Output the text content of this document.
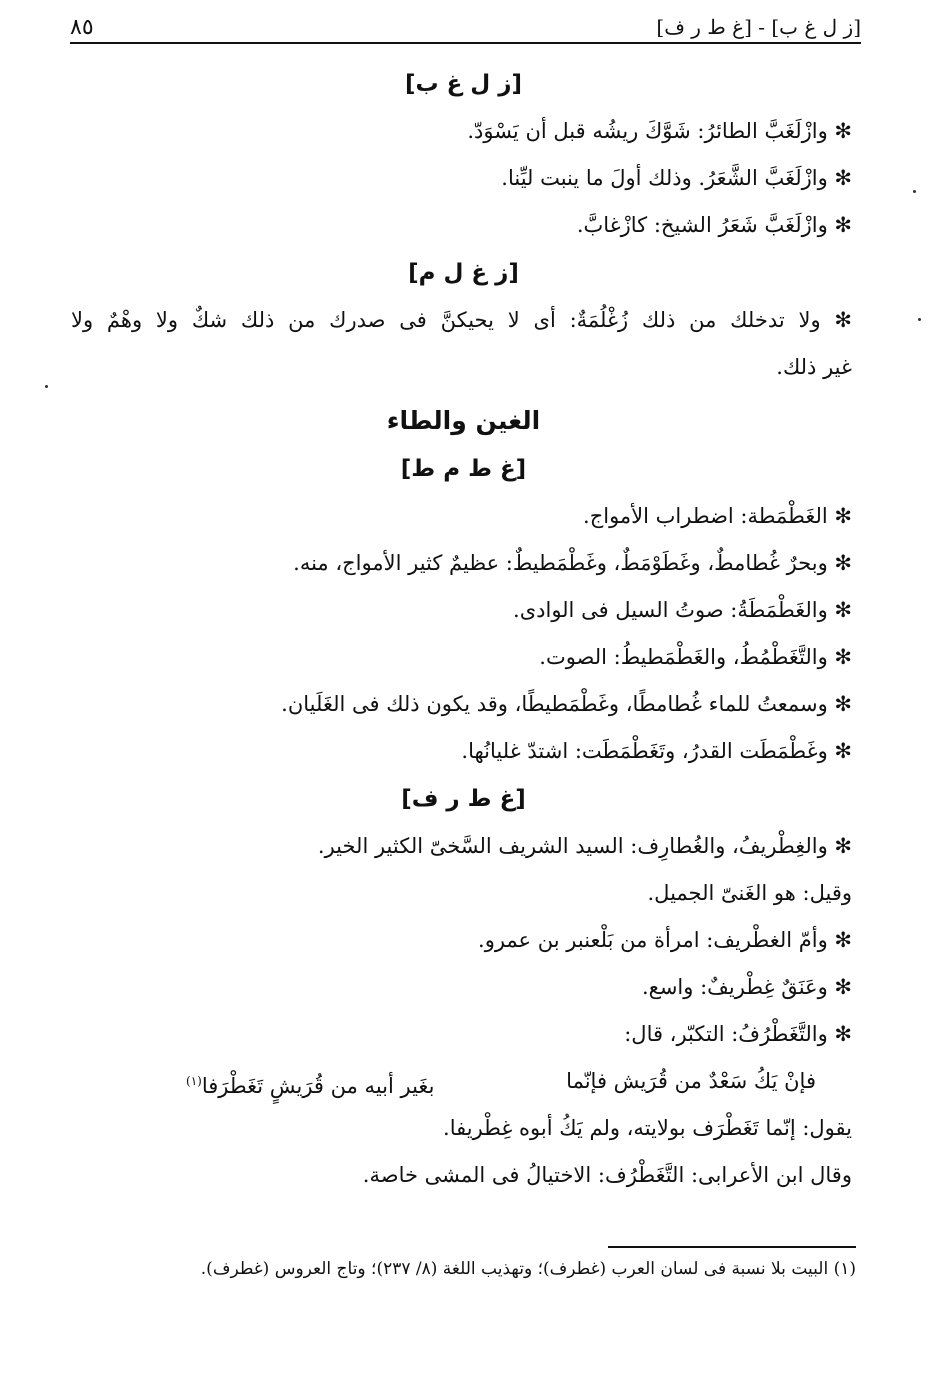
[ز ل غ ب] - [غ ط ر ف]
٨٥
[ز ل غ ب]
✻ وازْلَغَبَّ الطائرُ: شَوَّكَ ريشُه قبل أن يَسْوَدّ.
✻ وازْلَغَبَّ الشَّعَرُ. وذلك أولَ ما ينبت ليِّنا.
✻ وازْلَغَبَّ شَعَرُ الشيخ: كازْغابَّ.
[ز غ ل م]
✻ ولا تدخلك من ذلك زُغْلُمَةٌ: أى لا يحيكنَّ فى صدرك من ذلك شكٌ ولا وهْمٌ ولا
غير ذلك.
الغين والطاء
[غ ط م ط]
✻ الغَطْمَطة: اضطراب الأمواج.
✻ وبحرٌ غُطامطٌ، وغَطَوْمَطٌ، وغَطْمَطيطٌ: عظيمٌ كثير الأمواج، منه.
✻ والغَطْمَطَةُ: صوتُ السيل فى الوادى.
✻ والتَّغَطْمُطُ، والغَطْمَطيطُ: الصوت.
✻ وسمعتُ للماء غُطامطًا، وغَطْمَطيطًا، وقد يكون ذلك فى الغَلَيان.
✻ وغَطْمَطَت القدرُ، وتَغَطْمَطَت: اشتدّ غليانُها.
[غ ط ر ف]
✻ والغِطْريفُ، والغُطارِف: السيد الشريف السَّخىّ الكثير الخير.
وقيل: هو الغَنىّ الجميل.
✻ وأمّ الغطْريف: امرأة من بَلْعنبر بن عمرو.
✻ وعَنَقٌ غِطْريفٌ: واسع.
✻ والتَّغَطْرُفُ: التكبّر، قال:
فإنْ يَكُ سَعْدٌ من قُرَيش فإنّما
بغَير أبيه من قُرَيشٍ تَغَطْرَفا$^{(١)}$
يقول: إنّما تَغَطْرَف بولايته، ولم يَكُ أبوه غِطْريفا.
وقال ابن الأعرابى: التَّغَطْرُف: الاختيالُ فى المشى خاصة.
(١) البيت بلا نسبة فى لسان العرب (غطرف)؛ وتهذيب اللغة (٨/ ٢٣٧)؛ وتاج العروس (غطرف).
